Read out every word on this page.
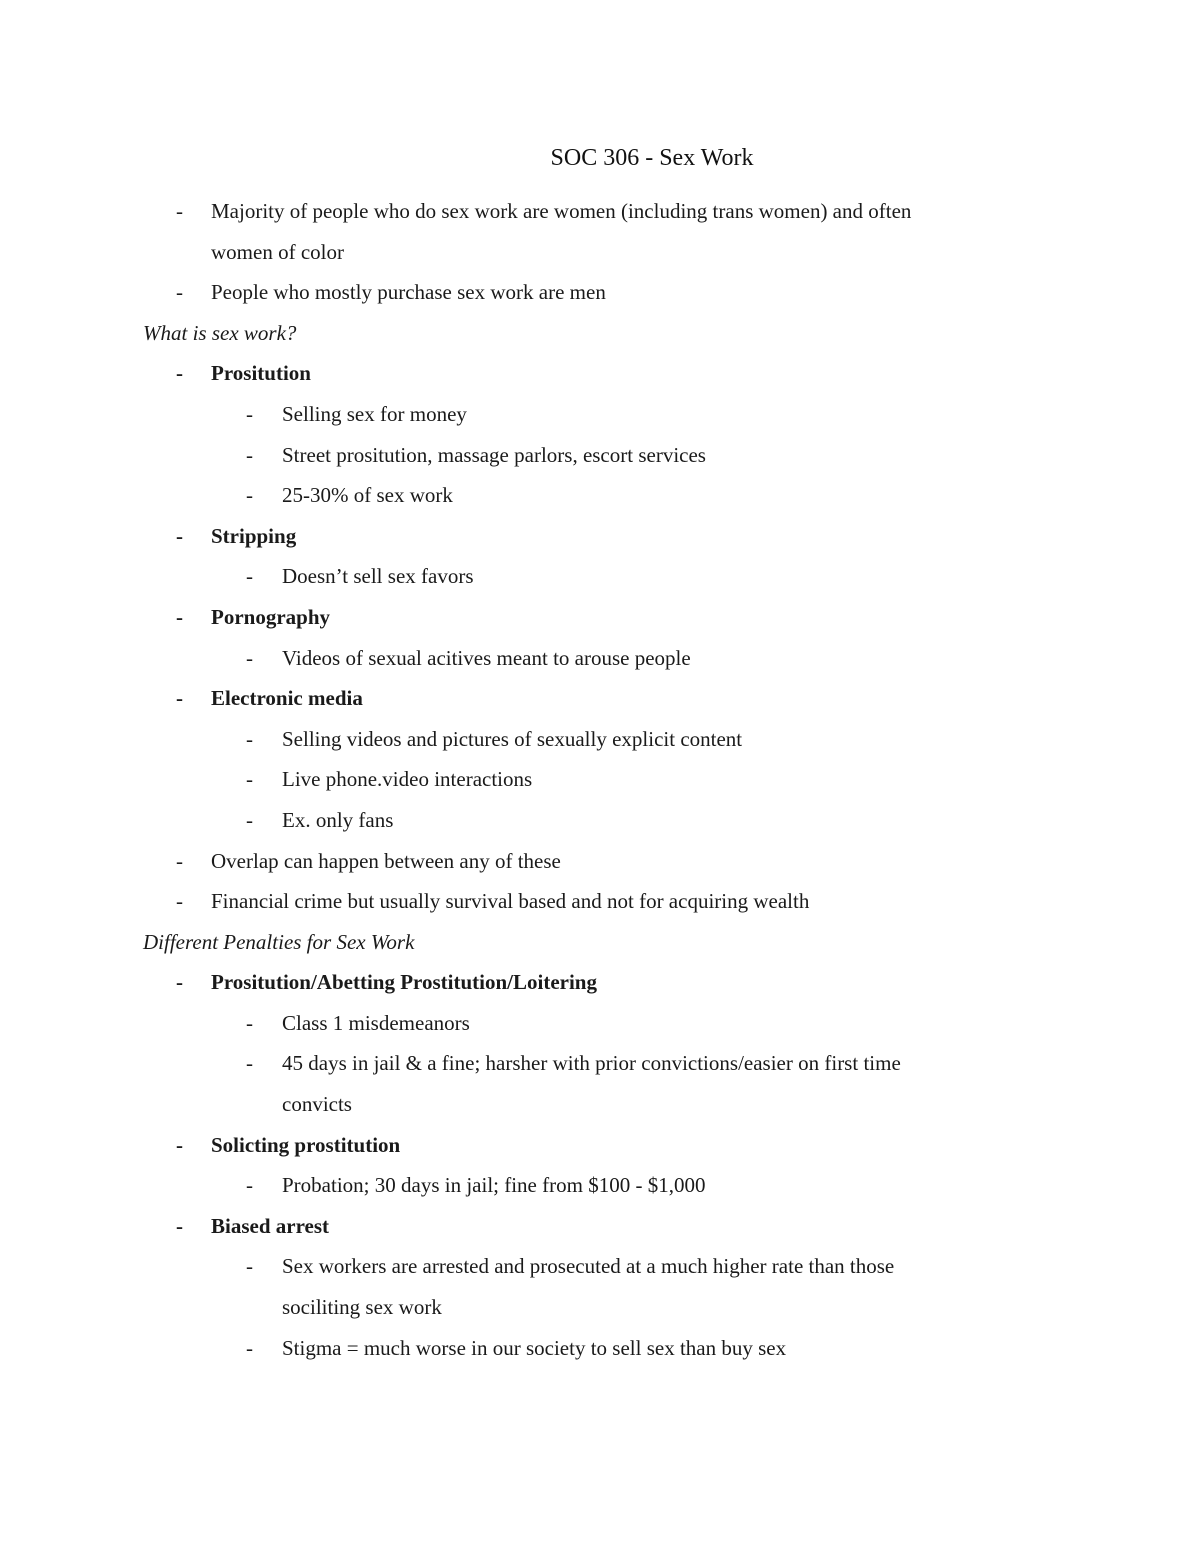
SOC 306 - Sex Work
- Majority of people who do sex work are women (including trans women) and often
women of color
- People who mostly purchase sex work are men
What is sex work?
- Prositution
- Selling sex for money
- Street prositution, massage parlors, escort services
- 25-30% of sex work
- Stripping
- Doesn’t sell sex favors
- Pornography
- Videos of sexual acitives meant to arouse people
- Electronic media
- Selling videos and pictures of sexually explicit content
- Live phone.video interactions
- Ex. only fans
- Overlap can happen between any of these
- Financial crime but usually survival based and not for acquiring wealth
Different Penalties for Sex Work
- Prositution/Abetting Prostitution/Loitering
- Class 1 misdemeanors
- 45 days in jail & a fine; harsher with prior convictions/easier on first time
convicts
- Solicting prostitution
- Probation; 30 days in jail; fine from $100 - $1,000
- Biased arrest
- Sex workers are arrested and prosecuted at a much higher rate than those
sociliting sex work
- Stigma = much worse in our society to sell sex than buy sex
